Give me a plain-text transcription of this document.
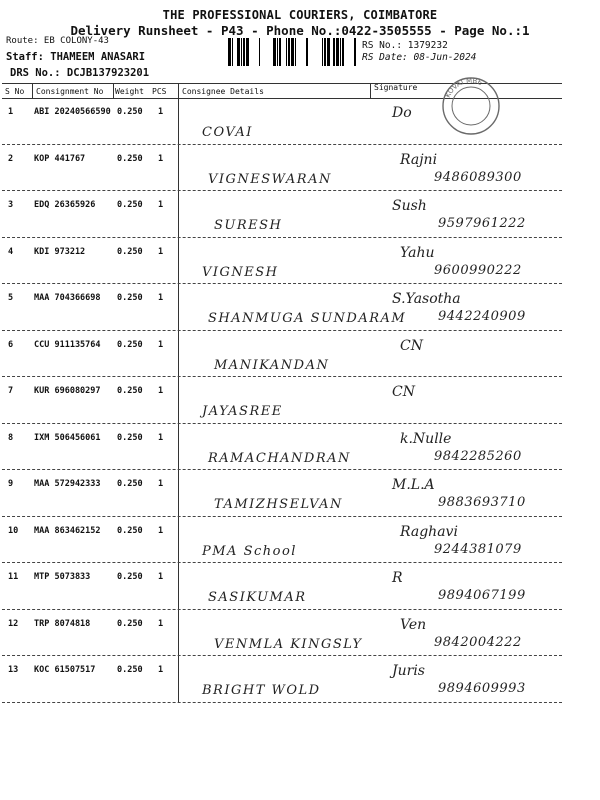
THE PROFESSIONAL COURIERS, COIMBATORE
Delivery Runsheet - P43 - Phone No.:0422-3505555 - Page No.:1
Route: EB COLONY-43
Staff: THAMEEM ANASARI
DRS No.: DCJB137923201
RS No.: 1379232
RS Date: 08-Jun-2024
S No Consignment No Weight PCS Consignee Details	Signature
1 ABI 20240566590 0.250 1
COVAI
Do
2 KOP 441767	0.250 1
VIGNESWARAN
Rajni
9486089300
3 EDQ 26365926	0.250 1
SURESH
Sush
9597961222
4 KDI 973212	0.250 1
VIGNESH
Yahu
9600990222
5 MAA 704366698 0.250 1
SHANMUGA SUNDARAM
S.Yasotha
9442240909
6 CCU 911135764 0.250 1
MANIKANDAN
CN
7 KUR 696080297 0.250 1
JAYASREE
CN
8 IXM 506456061 0.250 1
RAMACHANDRAN
k.Nulle
9842285260
9 MAA 572942333 0.250 1
TAMIZHSELVAN
M.L.A
9883693710
10 MAA 863462152 0.250 1
PMA School
Raghavi
9244381079
11 MTP 5073833	0.250 1
SASIKUMAR
R
9894067199
12 TRP 8074818	0.250 1
VENMLA KINGSLY
Ven
9842004222
13 KOC 61507517	0.250 1
BRIGHT WOLD
Juris
9894609993
KOVAI MBE
